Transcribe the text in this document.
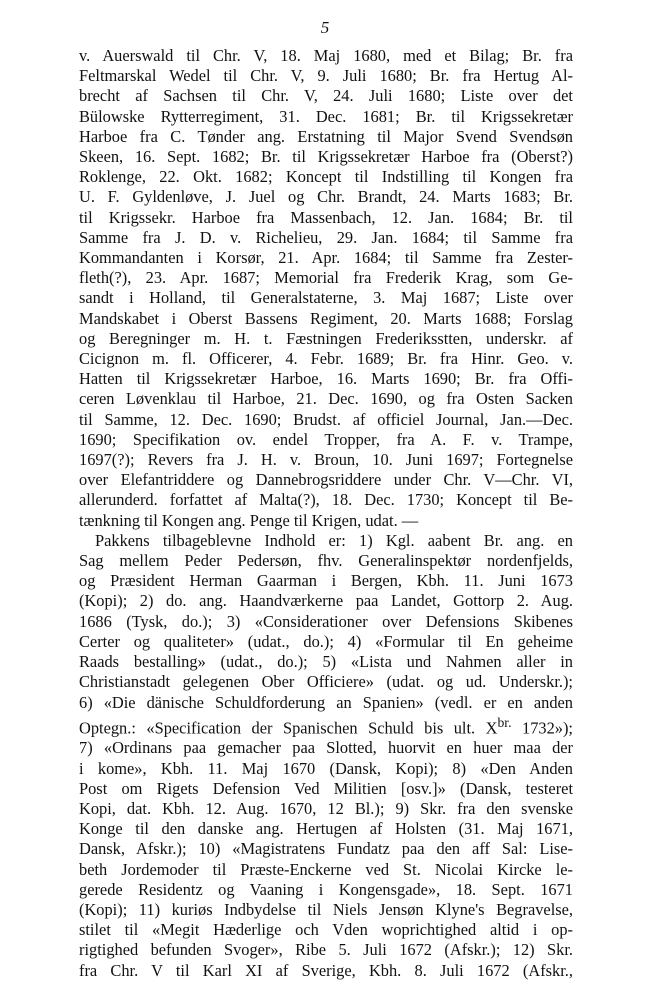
5

v. Auerswald til Chr. V, 18. Maj 1680, med et Bilag; Br. fra

Feltmarskal Wedel til Chr. V, 9. Juli 1680; Br. fra Hertug Al-

brecht af Sachsen til Chr. V, 24. Juli 1680; Liste over det

Bülowske Rytterregiment, 31. Dec. 1681; Br. til Krigssekretær

Harboe fra C. Tønder ang. Erstatning til Major Svend Svendsøn

Skeen, 16. Sept. 1682; Br. til Krigssekretær Harboe fra (Oberst?)

Roklenge, 22. Okt. 1682; Koncept til Indstilling til Kongen fra

U. F. Gyldenløve, J. Juel og Chr. Brandt, 24. Marts 1683; Br.

til Krigssekr. Harboe fra Massenbach, 12. Jan. 1684; Br. til

Samme fra J. D. v. Richelieu, 29. Jan. 1684; til Samme fra

Kommandanten i Korsør, 21. Apr. 1684; til Samme fra Zester-

fleth(?), 23. Apr. 1687; Memorial fra Frederik Krag, som Ge-

sandt i Holland, til Generalstaterne, 3. Maj 1687; Liste over

Mandskabet i Oberst Bassens Regiment, 20. Marts 1688; Forslag

og Beregninger m. H. t. Fæstningen Frederiksstten, underskr. af

Cicignon m. fl. Officerer, 4. Febr. 1689; Br. fra Hinr. Geo. v.

Hatten til Krigssekretær Harboe, 16. Marts 1690; Br. fra Offi-

ceren Løvenklau til Harboe, 21. Dec. 1690, og fra Osten Sacken

til Samme, 12. Dec. 1690; Brudst. af officiel Journal, Jan.—Dec.

1690; Specifikation ov. endel Tropper, fra A. F. v. Trampe,

1697(?); Revers fra J. H. v. Broun, 10. Juni 1697; Fortegnelse

over Elefantriddere og Dannebrogsriddere under Chr. V—Chr. VI,

allerunderd. forfattet af Malta(?), 18. Dec. 1730; Koncept til Be-

tænkning til Kongen ang. Penge til Krigen, udat. —

Pakkens tilbageblevne Indhold er: 1) Kgl. aabent Br. ang. en

Sag mellem Peder Pedersøn, fhv. Generalinspektør nordenfjelds,

og Præsident Herman Gaarman i Bergen, Kbh. 11. Juni 1673

(Kopi); 2) do. ang. Haandværkerne paa Landet, Gottorp 2. Aug.

1686 (Tysk, do.); 3) «Considerationer over Defensions Skibenes

Certer og qualiteter» (udat., do.); 4) «Formular til En geheime

Raads bestalling» (udat., do.); 5) «Lista und Nahmen aller in

Christianstadt gelegenen Ober Officiere» (udat. og ud. Underskr.);

6) «Die dänische Schuldforderung an Spanien» (vedl. er en anden

Optegn.: «Specification der Spanischen Schuld bis ult. $X^{br.}$ 1732»);

7) «Ordinans paa gemacher paa Slotted, huorvit en huer maa der

i kome», Kbh. 11. Maj 1670 (Dansk, Kopi); 8) «Den Anden

Post om Rigets Defension Ved Militien [osv.]» (Dansk, testeret

Kopi, dat. Kbh. 12. Aug. 1670, 12 Bl.); 9) Skr. fra den svenske

Konge til den danske ang. Hertugen af Holsten (31. Maj 1671,

Dansk, Afskr.); 10) «Magistratens Fundatz paa den aff Sal: Lise-

beth Jordemoder til Præste-Enckerne ved St. Nicolai Kircke le-

gerede Residentz og Vaaning i Kongensgade», 18. Sept. 1671

(Kopi); 11) kuriøs Indbydelse til Niels Jensøn Klyne's Begravelse,

stilet til «Megit Hæderlige och Vden woprichtighed altid i op-

rigtighed befunden Svoger», Ribe 5. Juli 1672 (Afskr.); 12) Skr.

fra Chr. V til Karl XI af Sverige, Kbh. 8. Juli 1672 (Afskr.,
